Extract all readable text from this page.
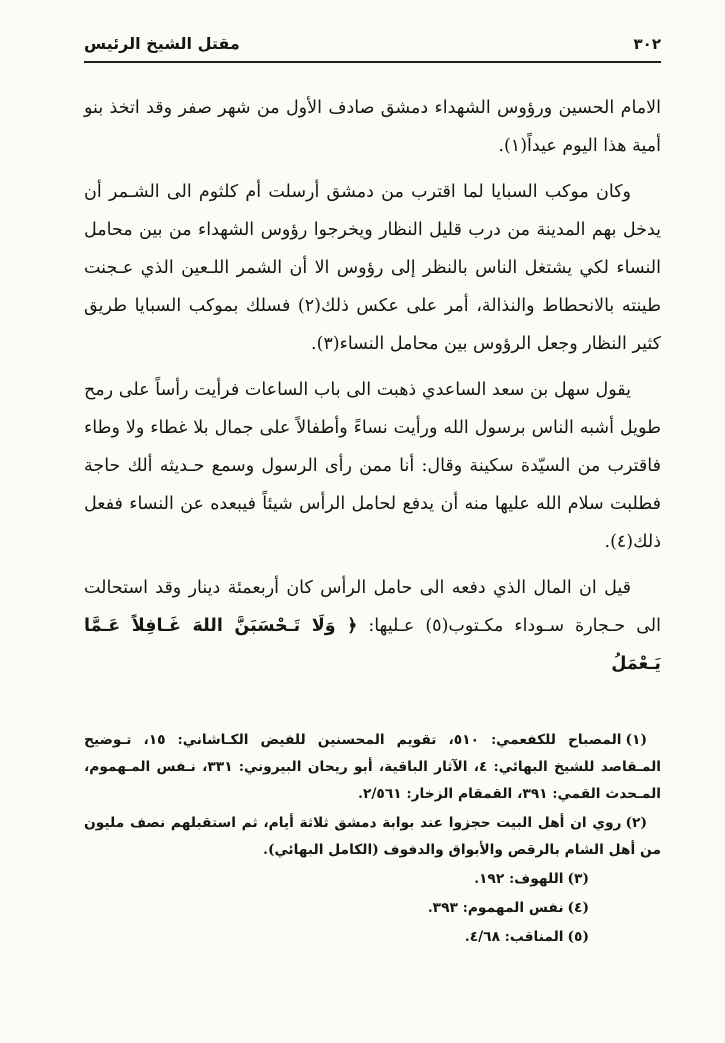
٣٠٢
مقتل الشيخ الرئيس

الامام الحسين ورؤوس الشهداء دمشق صادف الأول من شهر صفر وقد اتخذ بنو أمية هذا اليوم عيداً(١).

وكان موكب السبايا لما اقترب من دمشق أرسلت أم كلثوم الى الشـمر أن يدخل بهم المدينة من درب قليل النظار ويخرجوا رؤوس الشهداء من بين محامل النساء لكي يشتغل الناس بالنظر إلى رؤوس الا أن الشمر اللـعين الذي عـجنت طينته بالانحطاط والنذالة، أمر على عكس ذلك(٢) فسلك بموكب السبايا طريق كثير النظار وجعل الرؤوس بين محامل النساء(٣).

يقول سهل بن سعد الساعدي ذهبت الى باب الساعات فرأيت رأساً على رمح طويل أشبه الناس برسول الله ورأيت نساءً وأطفالاً على جمال بلا غطاء ولا وطاء فاقترب من السيّدة سكينة وقال: أنا ممن رأى الرسول وسمع حـديثه ألك حاجة فطلبت سلام الله عليها منه أن يدفع لحامل الرأس شيئاً فيبعده عن النساء ففعل ذلك(٤).

قيل ان المال الذي دفعه الى حامل الرأس كان أربعمئة دينار وقد استحالت الى حـجارة سـوداء مكـتوب(٥) عـليها: ﴿ وَلَا تَـحْسَبَنَّ اللهَ غَـافِلاً عَـمَّا يَـعْمَلُ

(١)المصباح للكفعمي: ٥١٠، تقويم المحسنين للفيض الكـاشاني: ١٥، تـوضيح المـقاصد للشيخ البهائي: ٤، الآثار الباقية، أبو ريحان البيروني: ٣٣١، نـفس المـهموم، المـحدث القمي: ٣٩١، القمقام الزخار: ٢/٥٦١.

(٢)روي ان أهل البيت حجزوا عند بوابة دمشق ثلاثة أيام، ثم استقبلهم نصف مليون من أهل الشام بالرقص والأبواق والدفوف (الكامل البهائي).

(٣)اللهوف: ١٩٢.

(٤)نفس المهموم: ٣٩٣.

(٥)المناقب: ٤/٦٨.
